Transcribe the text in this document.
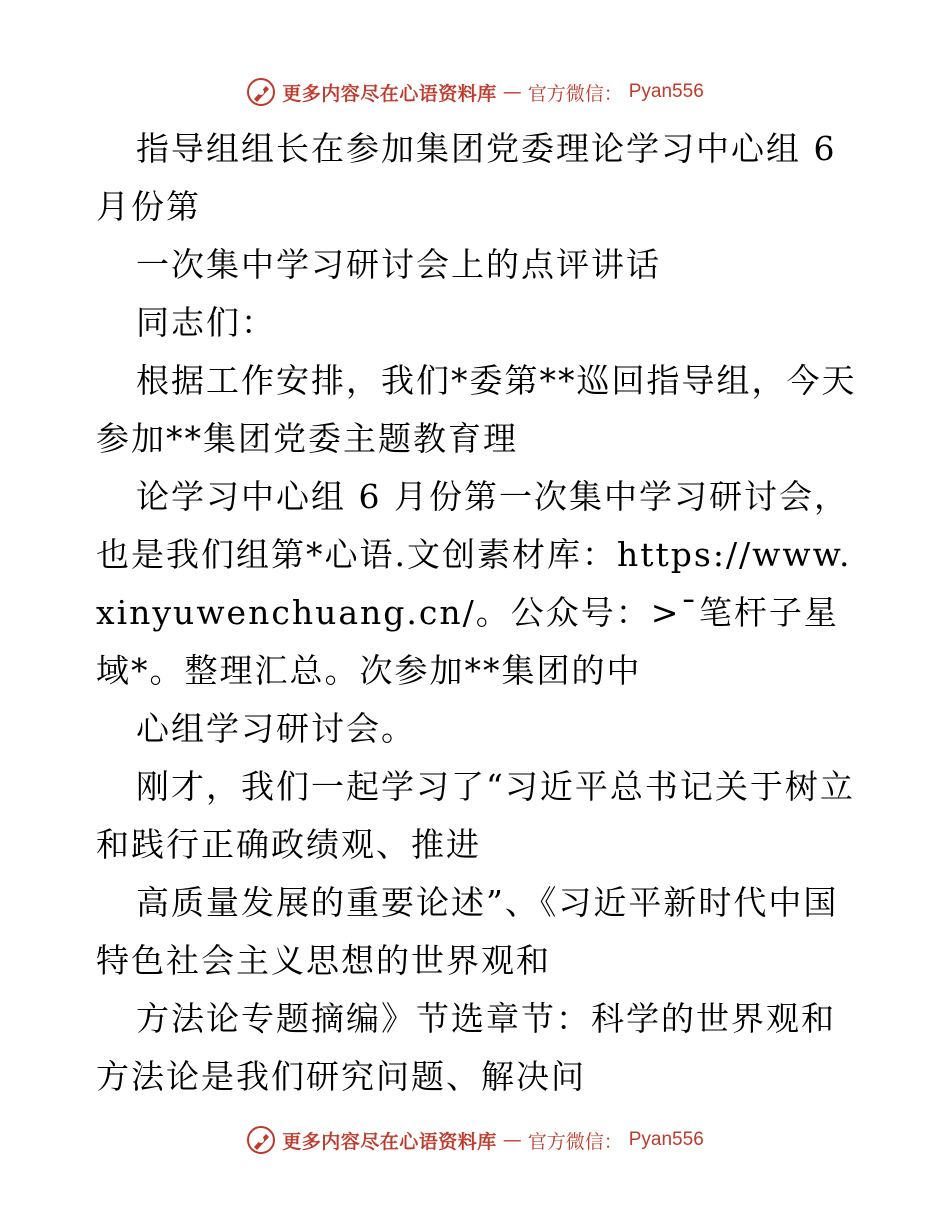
更多内容尽在心语资料库 — 官方微信： Pyan556

指导组组长在参加集团党委理论学习中心组 6 月份第

一次集中学习研讨会上的点评讲话

同志们：

根据工作安排，我们*委第**巡回指导组，今天参加**集团党委主题教育理

论学习中心组 6 月份第一次集中学习研讨会，也是我们组第*心语.文创素材库：https://www.xinyuwenchuang.cn/。公众号：>¯笔杆子星域*。整理汇总。次参加**集团的中

心组学习研讨会。

刚才，我们一起学习了“习近平总书记关于树立和践行正确政绩观、推进

高质量发展的重要论述”、《习近平新时代中国特色社会主义思想的世界观和

方法论专题摘编》节选章节：科学的世界观和方法论是我们研究问题、解决问

更多内容尽在心语资料库 — 官方微信： Pyan556
